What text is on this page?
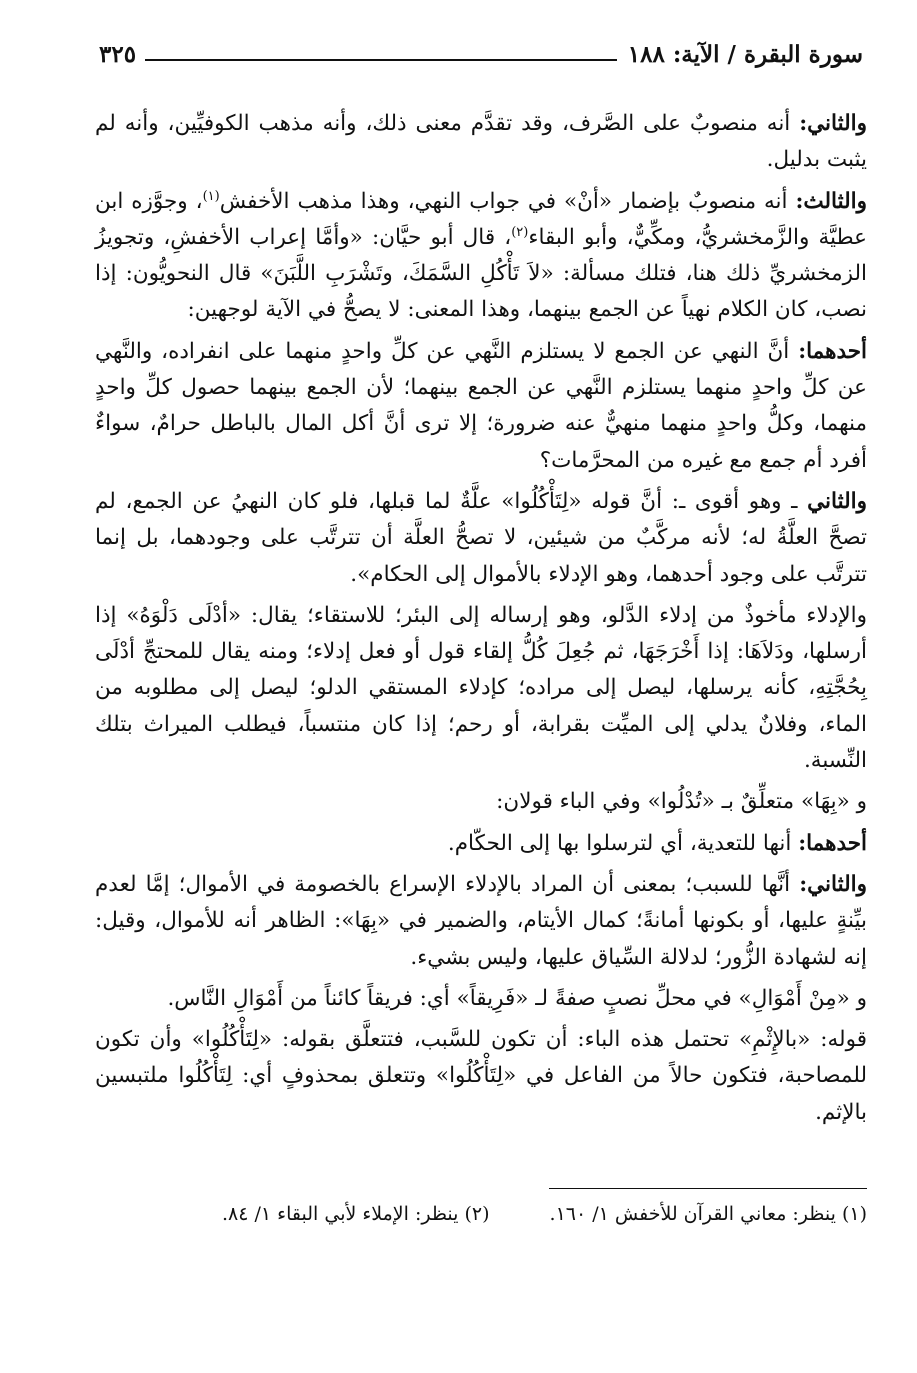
سورة البقرة / الآية: ١٨٨
٣٢٥

والثاني: أنه منصوبٌ على الصَّرف، وقد تقدَّم معنى ذلك، وأنه مذهب الكوفيِّين، وأنه لم يثبت بدليل.

والثالث: أنه منصوبٌ بإضمار «أنْ» في جواب النهي، وهذا مذهب الأخفش$^{(١)}$، وجوَّزه ابن عطيَّة والزَّمخشريُّ، ومكِّيٌّ، وأبو البقاء$^{(٢)}$، قال أبو حيَّان: «وأمَّا إعراب الأخفشِ، وتجويزُ الزمخشريِّ ذلك هنا، فتلك مسألة: «لاَ تَأْكُلِ السَّمَكَ، وتَشْرَبِ اللَّبَنَ» قال النحويُّون: إذا نصب، كان الكلام نهياً عن الجمع بينهما، وهذا المعنى: لا يصحُّ في الآية لوجهين:

أحدهما: أنَّ النهي عن الجمع لا يستلزم النَّهي عن كلِّ واحدٍ منهما على انفراده، والنَّهي عن كلِّ واحدٍ منهما يستلزم النَّهي عن الجمع بينهما؛ لأن الجمع بينهما حصول كلِّ واحدٍ منهما، وكلُّ واحدٍ منهما منهيٌّ عنه ضرورة؛ إلا ترى أنَّ أكل المال بالباطل حرامٌ، سواءٌ أفرد أم جمع مع غيره من المحرَّمات؟

والثاني ـ وهو أقوى ـ: أنَّ قوله «لِتَأْكُلُوا» علَّةٌ لما قبلها، فلو كان النهيُ عن الجمع، لم تصحَّ العلَّةُ له؛ لأنه مركَّبٌ من شيئين، لا تصحُّ العلَّة أن تترتَّب على وجودهما، بل إنما تترتَّب على وجود أحدهما، وهو الإدلاء بالأموال إلى الحكام».

والإدلاء مأخوذٌ من إدلاء الدَّلو، وهو إرساله إلى البئر؛ للاستقاء؛ يقال: «أدْلَى دَلْوَهُ» إذا أرسلها، ودَلاَهَا: إذا أَخْرَجَهَا، ثم جُعِلَ كُلُّ إلقاء قول أو فعل إدلاء؛ ومنه يقال للمحتجِّ أدْلَى بِحُجَّتِهِ، كأنه يرسلها، ليصل إلى مراده؛ كإدلاء المستقي الدلو؛ ليصل إلى مطلوبه من الماء، وفلانٌ يدلي إلى الميِّت بقرابة، أو رحم؛ إذا كان منتسباً، فيطلب الميراث بتلك النِّسبة.

و «بِهَا» متعلِّقٌ بـ «تُدْلُوا» وفي الباء قولان:

أحدهما: أنها للتعدية، أي لترسلوا بها إلى الحكّام.

والثاني: أنَّها للسبب؛ بمعنى أن المراد بالإدلاء الإسراع بالخصومة في الأموال؛ إمَّا لعدم بيِّنةٍ عليها، أو بكونها أمانةً؛ كمال الأيتام، والضمير في «بِهَا»: الظاهر أنه للأموال، وقيل: إنه لشهادة الزُّور؛ لدلالة السِّياق عليها، وليس بشيء.

و «مِنْ أَمْوَالِ» في محلِّ نصبٍ صفةً لـ «فَرِيقاً» أي: فريقاً كائناً من أَمْوَالِ النَّاس.

قوله: «بالإِثْمِ» تحتمل هذه الباء: أن تكون للسَّبب، فتتعلَّق بقوله: «لِتَأْكُلُوا» وأن تكون للمصاحبة، فتكون حالاً من الفاعل في «لِتَأْكُلُوا» وتتعلق بمحذوفٍ أي: لِتَأْكُلُوا ملتبسين بالإثم.

(١) ينظر: معاني القرآن للأخفش ١/ ١٦٠.
(٢) ينظر: الإملاء لأبي البقاء ١/ ٨٤.
